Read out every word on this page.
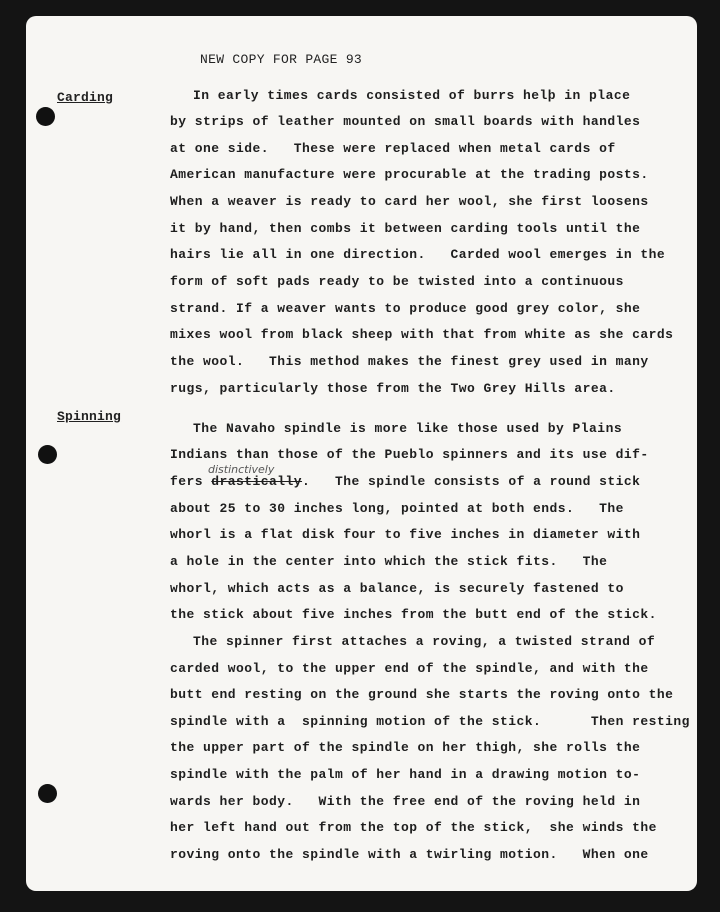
NEW COPY FOR PAGE 93
Carding
Spinning
distinctively
In early times cards consisted of burrs helþ in place
by strips of leather mounted on small boards with handles
at one side.   These were replaced when metal cards of
American manufacture were procurable at the trading posts.
When a weaver is ready to card her wool, she first loosens
it by hand, then combs it between carding tools until the
hairs lie all in one direction.   Carded wool emerges in the
form of soft pads ready to be twisted into a continuous
strand. If a weaver wants to produce good grey color, she
mixes wool from black sheep with that from white as she cards
the wool.   This method makes the finest grey used in many
rugs, particularly those from the Two Grey Hills area.
The Navaho spindle is more like those used by Plains
Indians than those of the Pueblo spinners and its use dif-
fers drastically.   The spindle consists of a round stick
about 25 to 30 inches long, pointed at both ends.   The
whorl is a flat disk four to five inches in diameter with
a hole in the center into which the stick fits.   The
whorl, which acts as a balance, is securely fastened to
the stick about five inches from the butt end of the stick.
The spinner first attaches a roving, a twisted strand of
carded wool, to the upper end of the spindle, and with the
butt end resting on the ground she starts the roving onto the
spindle with a  spinning motion of the stick.      Then resting
the upper part of the spindle on her thigh, she rolls the
spindle with the palm of her hand in a drawing motion to-
wards her body.   With the free end of the roving held in
her left hand out from the top of the stick,  she winds the
roving onto the spindle with a twirling motion.   When one
